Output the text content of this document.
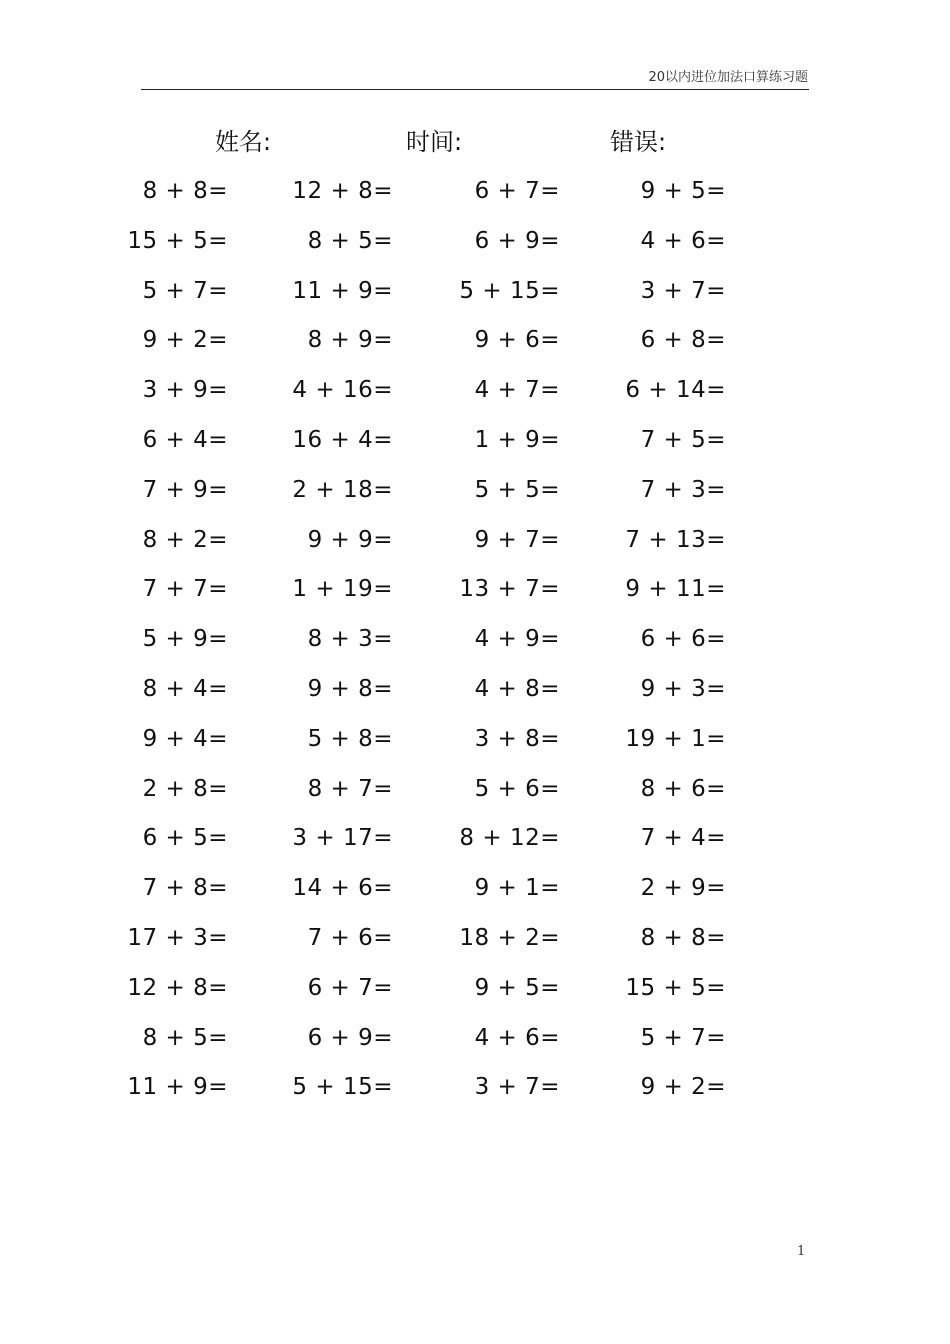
20以内进位加法口算练习题
姓名:	时间:	错误:
8 + 8=	12 + 8=	6 + 7=	9 + 5=
15 + 5=	8 + 5=	6 + 9=	4 + 6=
5 + 7=	11 + 9=	5 + 15=	3 + 7=
9 + 2=	8 + 9=	9 + 6=	6 + 8=
3 + 9=	4 + 16=	4 + 7=	6 + 14=
6 + 4=	16 + 4=	1 + 9=	7 + 5=
7 + 9=	2 + 18=	5 + 5=	7 + 3=
8 + 2=	9 + 9=	9 + 7=	7 + 13=
7 + 7=	1 + 19=	13 + 7=	9 + 11=
5 + 9=	8 + 3=	4 + 9=	6 + 6=
8 + 4=	9 + 8=	4 + 8=	9 + 3=
9 + 4=	5 + 8=	3 + 8=	19 + 1=
2 + 8=	8 + 7=	5 + 6=	8 + 6=
6 + 5=	3 + 17=	8 + 12=	7 + 4=
7 + 8=	14 + 6=	9 + 1=	2 + 9=
17 + 3=	7 + 6=	18 + 2=	8 + 8=
12 + 8=	6 + 7=	9 + 5=	15 + 5=
8 + 5=	6 + 9=	4 + 6=	5 + 7=
11 + 9=	5 + 15=	3 + 7=	9 + 2=
1
